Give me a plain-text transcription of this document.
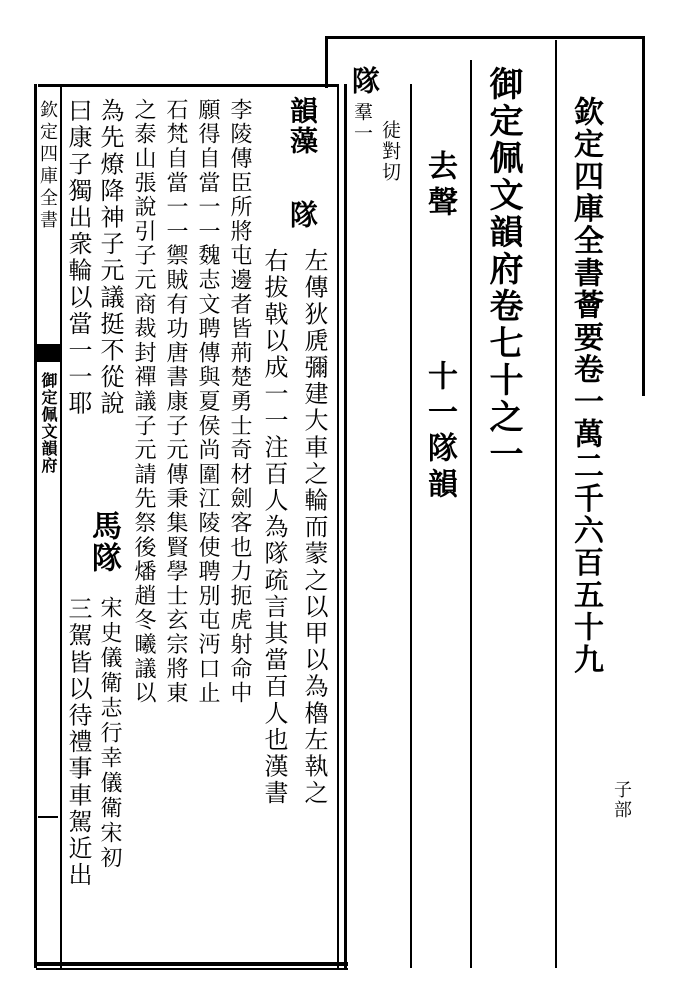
欽定四庫全書
御定佩文韻府	欽定四庫全書薈要卷一萬二千六百五十九
子部
御定佩文韻府卷七十之一
去聲
十一隊韻
隊
徒對切
羣一
韻藻
隊
左傳狄虒彌建大車之輪而蒙之以甲以為櫓左執之
右拔戟以成一一注百人為隊疏言其當百人也漢書
李陵傳臣所將屯邊者皆荊楚勇士奇材劍客也力扼虎射命中
願得自當一一魏志文聘傳與夏侯尚圍江陵使聘別屯沔口止
石梵自當一一禦賊有功唐書康子元傳秉集賢學士玄宗將東
之泰山張說引子元商裁封禪議子元請先祭後燔趙冬曦議以
為先燎降神子元議挺不從說
曰康子獨出衆輪以當一一耶
馬隊
宋史儀衛志行幸儀衛宋初
三駕皆以待禮事車駕近出
